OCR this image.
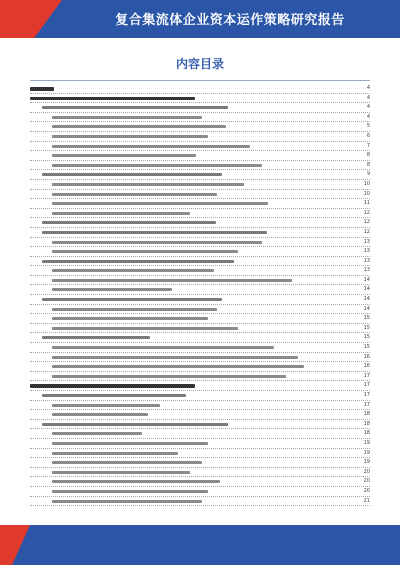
复合集流体企业资本运作策略研究报告
内容目录
4
4
4
4
5
6
7
8
8
9
10
10
11
12
12
12
13
13
13
13
14
14
14
14
15
15
15
15
16
16
17
17
17
17
18
18
18
19
19
19
20
20
20
21
